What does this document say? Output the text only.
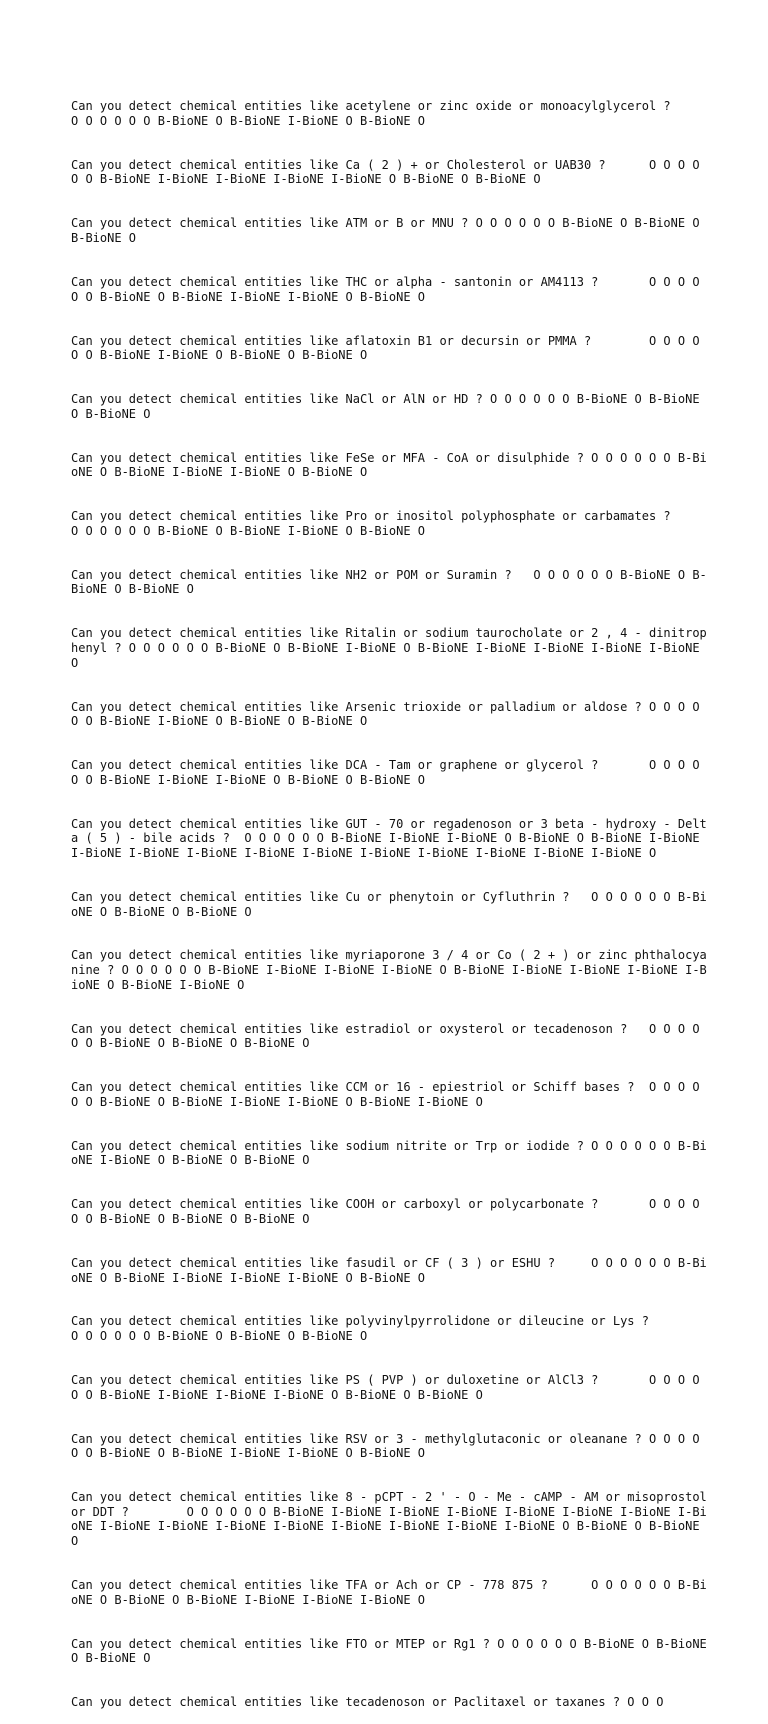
Can you detect chemical entities like acetylene or zinc oxide or monoacylglycerol ?	O O O O O O B-BioNE O B-BioNE I-BioNE O B-BioNE O

Can you detect chemical entities like Ca ( 2 ) + or Cholesterol or UAB30 ?	O O O O O O B-BioNE I-BioNE I-BioNE I-BioNE I-BioNE O B-BioNE O B-BioNE O

Can you detect chemical entities like ATM or B or MNU ?	O O O O O O B-BioNE O B-BioNE O B-BioNE O

Can you detect chemical entities like THC or alpha - santonin or AM4113 ?	O O O O O O B-BioNE O B-BioNE I-BioNE I-BioNE O B-BioNE O

Can you detect chemical entities like aflatoxin B1 or decursin or PMMA ?	O O O O O O B-BioNE I-BioNE O B-BioNE O B-BioNE O

Can you detect chemical entities like NaCl or AlN or HD ? O O O O O O B-BioNE O B-BioNE O B-BioNE O

Can you detect chemical entities like FeSe or MFA - CoA or disulphide ?	O O O O O O B-BioNE O B-BioNE I-BioNE I-BioNE O B-BioNE O

Can you detect chemical entities like Pro or inositol polyphosphate or carbamates ?	O O O O O O B-BioNE O B-BioNE I-BioNE O B-BioNE O

Can you detect chemical entities like NH2 or POM or Suramin ?	O O O O O O B-BioNE O B-BioNE O B-BioNE O

Can you detect chemical entities like Ritalin or sodium taurocholate or 2 , 4 - dinitrophenyl ?	O O O O O O B-BioNE O B-BioNE I-BioNE O B-BioNE I-BioNE I-BioNE I-BioNE I-BioNE O

Can you detect chemical entities like Arsenic trioxide or palladium or aldose ?	O O O O O O B-BioNE I-BioNE O B-BioNE O B-BioNE O

Can you detect chemical entities like DCA - Tam or graphene or glycerol ?	O O O O O O B-BioNE I-BioNE I-BioNE O B-BioNE O B-BioNE O

Can you detect chemical entities like GUT - 70 or regadenoson or 3 beta - hydroxy - Delta ( 5 ) - bile acids ?	O O O O O O B-BioNE I-BioNE I-BioNE O B-BioNE O B-BioNE I-BioNE I-BioNE I-BioNE I-BioNE I-BioNE I-BioNE I-BioNE I-BioNE I-BioNE I-BioNE I-BioNE O

Can you detect chemical entities like Cu or phenytoin or Cyfluthrin ?	O O O O O O B-BioNE O B-BioNE O B-BioNE O

Can you detect chemical entities like myriaporone 3 / 4 or Co ( 2 + ) or zinc phthalocyanine ? O O O O O O B-BioNE I-BioNE I-BioNE I-BioNE O B-BioNE I-BioNE I-BioNE I-BioNE I-BioNE O B-BioNE I-BioNE O

Can you detect chemical entities like estradiol or oxysterol or tecadenoson ?	O O O O O O B-BioNE O B-BioNE O B-BioNE O

Can you detect chemical entities like CCM or 16 - epiestriol or Schiff bases ?	O O O O O O B-BioNE O B-BioNE I-BioNE I-BioNE O B-BioNE I-BioNE O

Can you detect chemical entities like sodium nitrite or Trp or iodide ?	O O O O O O B-BioNE I-BioNE O B-BioNE O B-BioNE O

Can you detect chemical entities like COOH or carboxyl or polycarbonate ?	O O O O O O B-BioNE O B-BioNE O B-BioNE O

Can you detect chemical entities like fasudil or CF ( 3 ) or ESHU ?	O O O O O O B-BioNE O B-BioNE I-BioNE I-BioNE I-BioNE O B-BioNE O

Can you detect chemical entities like polyvinylpyrrolidone or dileucine or Lys ?	O O O O O O B-BioNE O B-BioNE O B-BioNE O

Can you detect chemical entities like PS ( PVP ) or duloxetine or AlCl3 ?	O O O O O O B-BioNE I-BioNE I-BioNE I-BioNE O B-BioNE O B-BioNE O

Can you detect chemical entities like RSV or 3 - methylglutaconic or oleanane ?	O O O O O O B-BioNE O B-BioNE I-BioNE I-BioNE O B-BioNE O

Can you detect chemical entities like 8 - pCPT - 2 ' - O - Me - cAMP - AM or misoprostol or DDT ?	O O O O O O B-BioNE I-BioNE I-BioNE I-BioNE I-BioNE I-BioNE I-BioNE I-BioNE I-BioNE I-BioNE I-BioNE I-BioNE I-BioNE I-BioNE I-BioNE I-BioNE O B-BioNE O B-BioNE O

Can you detect chemical entities like TFA or Ach or CP - 778 875 ?	O O O O O O B-BioNE O B-BioNE O B-BioNE I-BioNE I-BioNE I-BioNE O

Can you detect chemical entities like FTO or MTEP or Rg1 ? O O O O O O B-BioNE O B-BioNE O B-BioNE O

Can you detect chemical entities like tecadenoson or Paclitaxel or taxanes ? O O O
